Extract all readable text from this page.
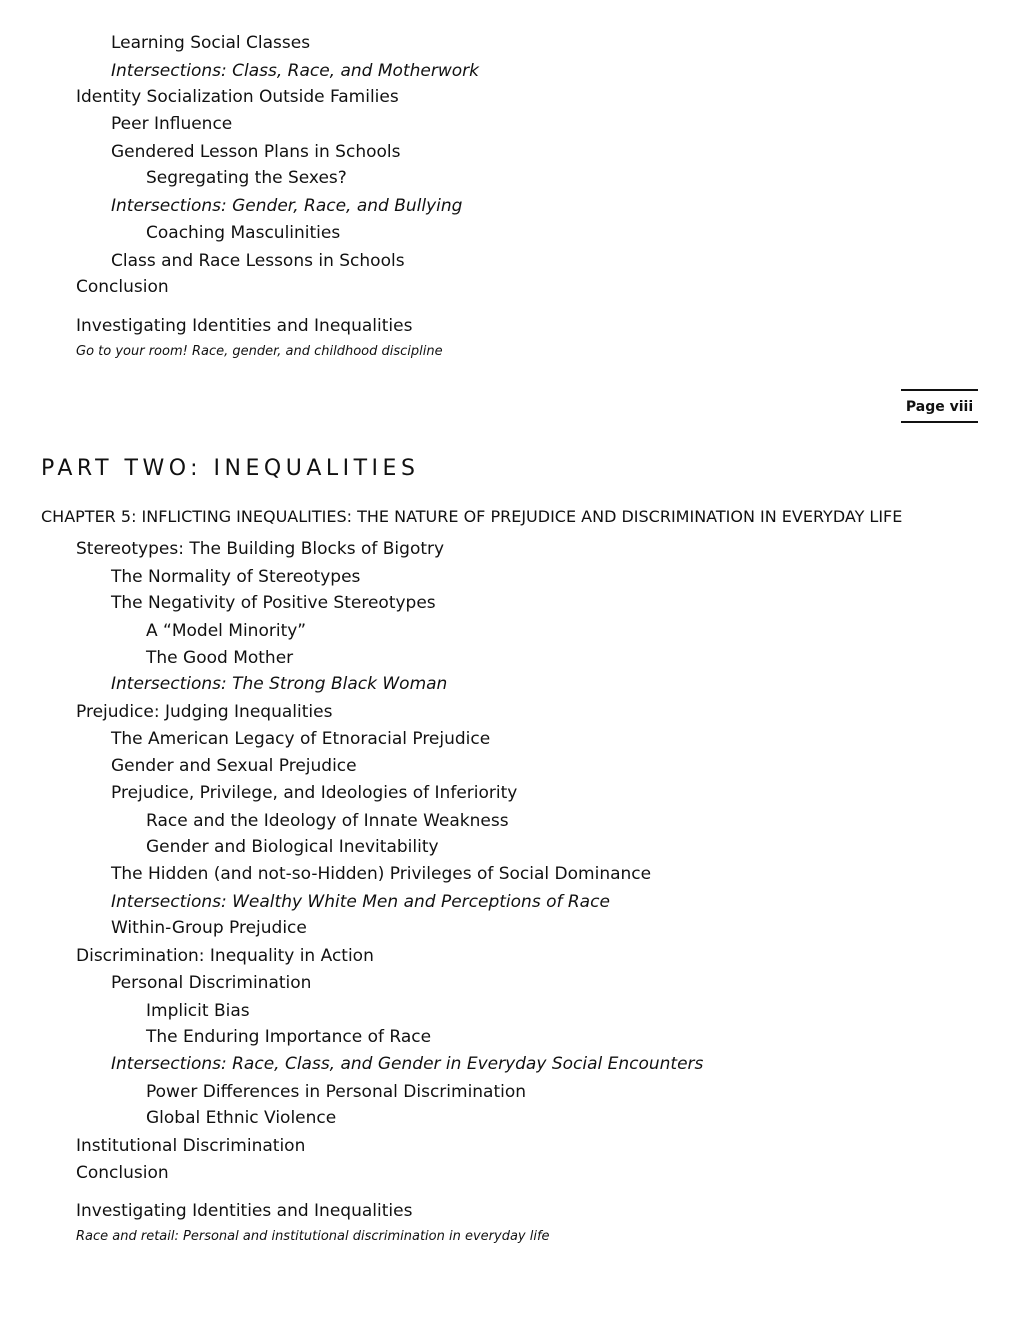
Learning Social Classes
Intersections: Class, Race, and Motherwork
Identity Socialization Outside Families
Peer Influence
Gendered Lesson Plans in Schools
Segregating the Sexes?
Intersections: Gender, Race, and Bullying
Coaching Masculinities
Class and Race Lessons in Schools
Conclusion
Investigating Identities and Inequalities
Go to your room! Race, gender, and childhood discipline
Page viii
PART TWO: INEQUALITIES
CHAPTER 5: INFLICTING INEQUALITIES: THE NATURE OF PREJUDICE AND DISCRIMINATION IN EVERYDAY LIFE
Stereotypes: The Building Blocks of Bigotry
The Normality of Stereotypes
The Negativity of Positive Stereotypes
A “Model Minority”
The Good Mother
Intersections: The Strong Black Woman
Prejudice: Judging Inequalities
The American Legacy of Etnoracial Prejudice
Gender and Sexual Prejudice
Prejudice, Privilege, and Ideologies of Inferiority
Race and the Ideology of Innate Weakness
Gender and Biological Inevitability
The Hidden (and not-so-Hidden) Privileges of Social Dominance
Intersections: Wealthy White Men and Perceptions of Race
Within-Group Prejudice
Discrimination: Inequality in Action
Personal Discrimination
Implicit Bias
The Enduring Importance of Race
Intersections: Race, Class, and Gender in Everyday Social Encounters
Power Differences in Personal Discrimination
Global Ethnic Violence
Institutional Discrimination
Conclusion
Investigating Identities and Inequalities
Race and retail: Personal and institutional discrimination in everyday life
